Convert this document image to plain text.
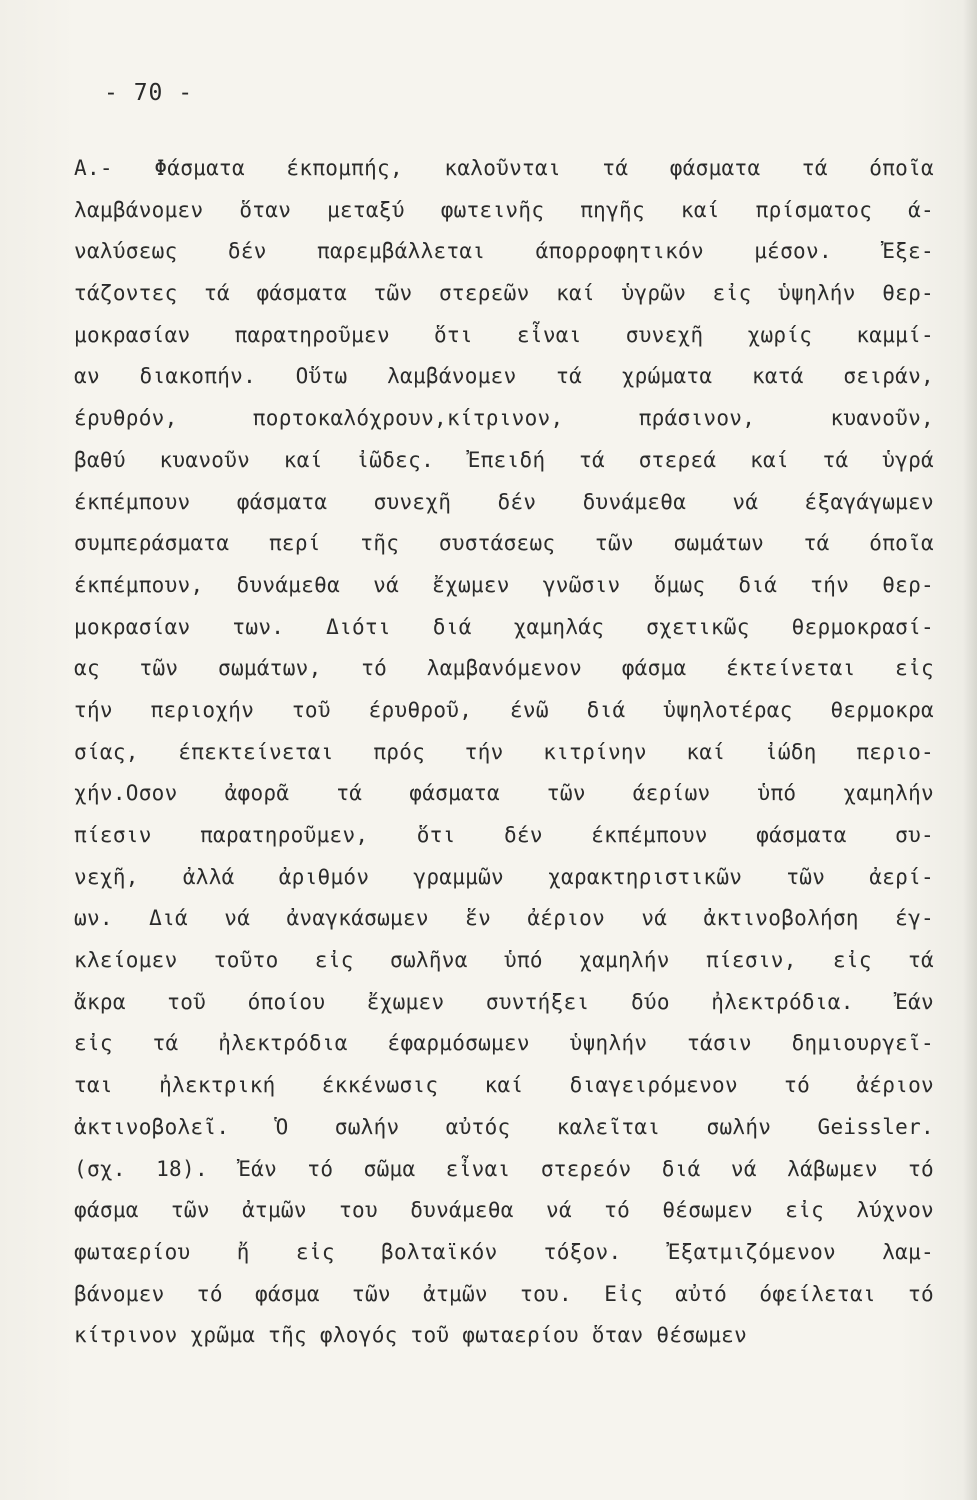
- 70 -
Α.- Φάσματα έκπομπής, καλοῦνται τά φάσματα τά όποῖα
λαμβάνομεν ὅταν μεταξύ φωτεινῆς πηγῆς καί πρίσματος ά-
ναλύσεως δέν παρεμβάλλεται άπορροφητικόν μέσον. Ἐξε-
τάζοντες τά φάσματα τῶν στερεῶν καί ὑγρῶν εἰς ὑψηλήν θερ-
μοκρασίαν παρατηροῦμεν ὅτι εἶναι συνεχῆ χωρίς καμμί-
αν διακοπήν. Οὕτω λαμβάνομεν τά χρώματα κατά σειράν,
έρυθρόν, πορτοκαλόχρουν,κίτρινον, πράσινον, κυανοῦν,
βαθύ κυανοῦν καί ἰῶδες. Ἐπειδή τά στερεά καί τά ὑγρά
έκπέμπουν φάσματα συνεχῆ δέν δυνάμεθα νά έξαγάγωμεν
συμπεράσματα περί τῆς συστάσεως τῶν σωμάτων τά όποῖα
έκπέμπουν, δυνάμεθα νά ἔχωμεν γνῶσιν ὅμως διά τήν θερ-
μοκρασίαν των. Διότι διά χαμηλάς σχετικῶς θερμοκρασί-
ας τῶν σωμάτων, τό λαμβανόμενον φάσμα έκτείνεται εἰς
τήν περιοχήν τοῦ έρυθροῦ, ένῶ διά ὑψηλοτέρας θερμοκρα
σίας, έπεκτείνεται πρός τήν κιτρίνην καί ἰώδη περιο-
χήν.Οσον ἀφορᾶ τά φάσματα τῶν άερίων ὑπό χαμηλήν
πίεσιν παρατηροῦμεν, ὅτι δέν έκπέμπουν φάσματα συ-
νεχῆ, ἀλλά ἀριθμόν γραμμῶν χαρακτηριστικῶν τῶν ἀερί-
ων. Διά νά ἀναγκάσωμεν ἕν ἀέριον νά ἀκτινοβολήση έγ-
κλείομεν τοῦτο εἰς σωλῆνα ὑπό χαμηλήν πίεσιν, εἰς τά
ἄκρα τοῦ όποίου ἔχωμεν συντήξει δύο ἠλεκτρόδια. Ἐάν
εἰς τά ἠλεκτρόδια έφαρμόσωμεν ὑψηλήν τάσιν δημιουργεῖ-
ται ἠλεκτρική έκκένωσις καί διαγειρόμενον τό ἀέριον
ἀκτινοβολεῖ. Ὁ σωλήν αὐτός καλεῖται σωλήν Geissler.
(σχ. 18). Ἐάν τό σῶμα εἶναι στερεόν διά νά λάβωμεν τό
φάσμα τῶν ἀτμῶν του δυνάμεθα νά τό θέσωμεν εἰς λύχνον
φωταερίου ἤ εἰς βολταϊκόν τόξον. Ἐξατμιζόμενον λαμ-
βάνομεν τό φάσμα τῶν ἀτμῶν του. Εἰς αὐτό όφείλεται τό
κίτρινον χρῶμα τῆς φλογός τοῦ φωταερίου ὅταν θέσωμεν
